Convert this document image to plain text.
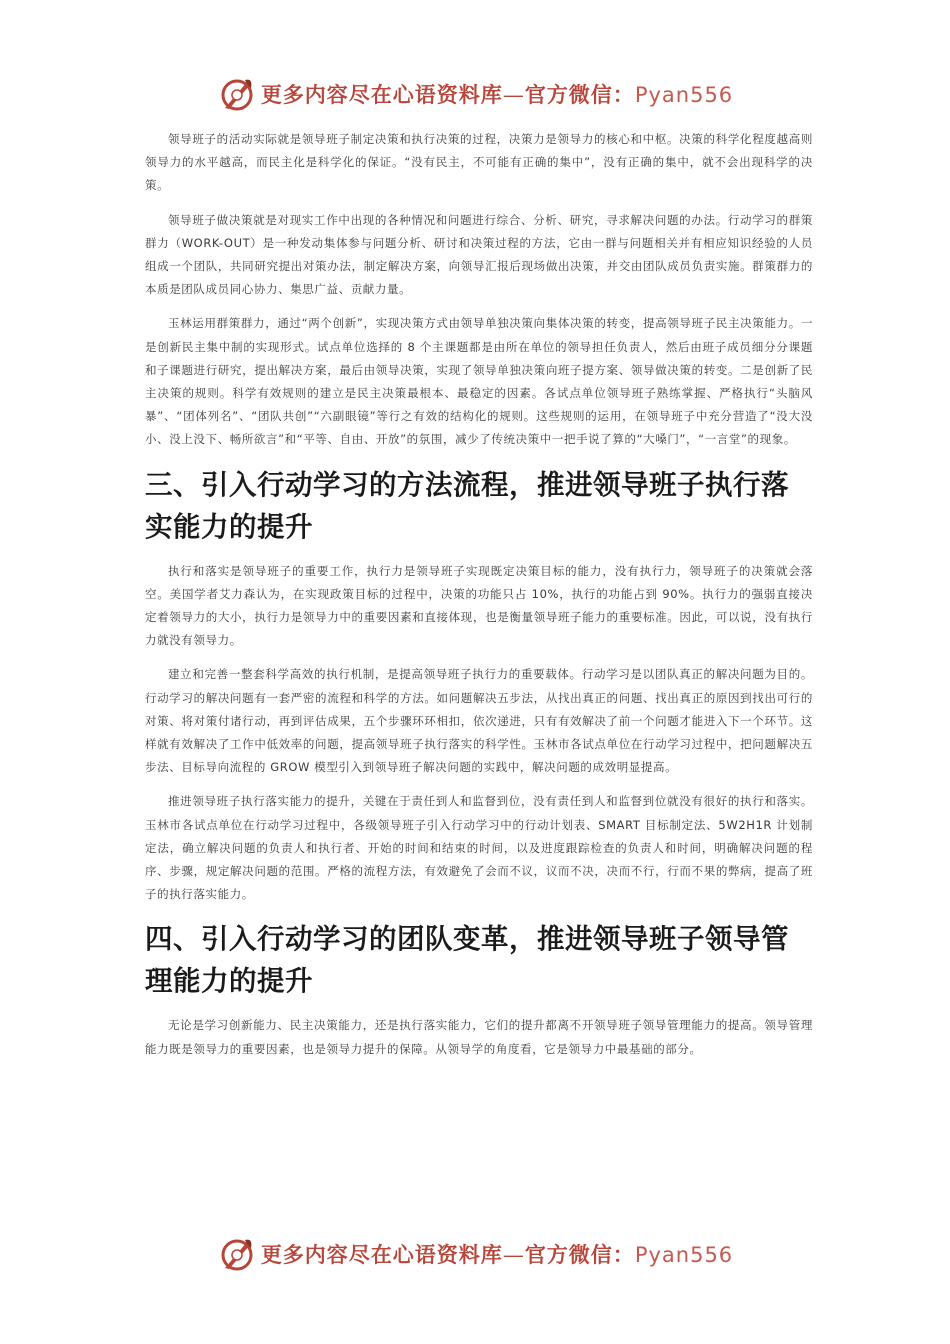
更多内容尽在心语资料库—官方微信：Pyan556

领导班子的活动实际就是领导班子制定决策和执行决策的过程，决策力是领导力的核心和中枢。决策的科学化程度越高则领导力的水平越高，而民主化是科学化的保证。“没有民主，不可能有正确的集中”，没有正确的集中，就不会出现科学的决策。

领导班子做决策就是对现实工作中出现的各种情况和问题进行综合、分析、研究，寻求解决问题的办法。行动学习的群策群力（WORK-OUT）是一种发动集体参与问题分析、研讨和决策过程的方法，它由一群与问题相关并有相应知识经验的人员组成一个团队，共同研究提出对策办法，制定解决方案，向领导汇报后现场做出决策，并交由团队成员负责实施。群策群力的本质是团队成员同心协力、集思广益、贡献力量。

玉林运用群策群力，通过“两个创新”，实现决策方式由领导单独决策向集体决策的转变，提高领导班子民主决策能力。一是创新民主集中制的实现形式。试点单位选择的 8 个主课题都是由所在单位的领导担任负责人，然后由班子成员细分分课题和子课题进行研究，提出解决方案，最后由领导决策，实现了领导单独决策向班子提方案、领导做决策的转变。二是创新了民主决策的规则。科学有效规则的建立是民主决策最根本、最稳定的因素。各试点单位领导班子熟练掌握、严格执行“头脑风暴”、“团体列名”、“团队共创”“六副眼镜”等行之有效的结构化的规则。这些规则的运用，在领导班子中充分营造了“没大没小、没上没下、畅所欲言”和“平等、自由、开放”的氛围，减少了传统决策中一把手说了算的“大嗓门”，“一言堂”的现象。

三、引入行动学习的方法流程，推进领导班子执行落实能力的提升

执行和落实是领导班子的重要工作，执行力是领导班子实现既定决策目标的能力，没有执行力，领导班子的决策就会落空。美国学者艾力森认为，在实现政策目标的过程中，决策的功能只占 10%，执行的功能占到 90%。执行力的强弱直接决定着领导力的大小，执行力是领导力中的重要因素和直接体现，也是衡量领导班子能力的重要标准。因此，可以说，没有执行力就没有领导力。

建立和完善一整套科学高效的执行机制，是提高领导班子执行力的重要载体。行动学习是以团队真正的解决问题为目的。行动学习的解决问题有一套严密的流程和科学的方法。如问题解决五步法，从找出真正的问题、找出真正的原因到找出可行的对策、将对策付诸行动，再到评估成果，五个步骤环环相扣，依次递进，只有有效解决了前一个问题才能进入下一个环节。这样就有效解决了工作中低效率的问题，提高领导班子执行落实的科学性。玉林市各试点单位在行动学习过程中，把问题解决五步法、目标导向流程的 GROW 模型引入到领导班子解决问题的实践中，解决问题的成效明显提高。

推进领导班子执行落实能力的提升，关键在于责任到人和监督到位，没有责任到人和监督到位就没有很好的执行和落实。玉林市各试点单位在行动学习过程中，各级领导班子引入行动学习中的行动计划表、SMART 目标制定法、5W2H1R 计划制定法，确立解决问题的负责人和执行者、开始的时间和结束的时间，以及进度跟踪检查的负责人和时间，明确解决问题的程序、步骤，规定解决问题的范围。严格的流程方法，有效避免了会而不议，议而不决，决而不行，行而不果的弊病，提高了班子的执行落实能力。

四、引入行动学习的团队变革，推进领导班子领导管理能力的提升

无论是学习创新能力、民主决策能力，还是执行落实能力，它们的提升都离不开领导班子领导管理能力的提高。领导管理能力既是领导力的重要因素，也是领导力提升的保障。从领导学的角度看，它是领导力中最基础的部分。

更多内容尽在心语资料库—官方微信：Pyan556
